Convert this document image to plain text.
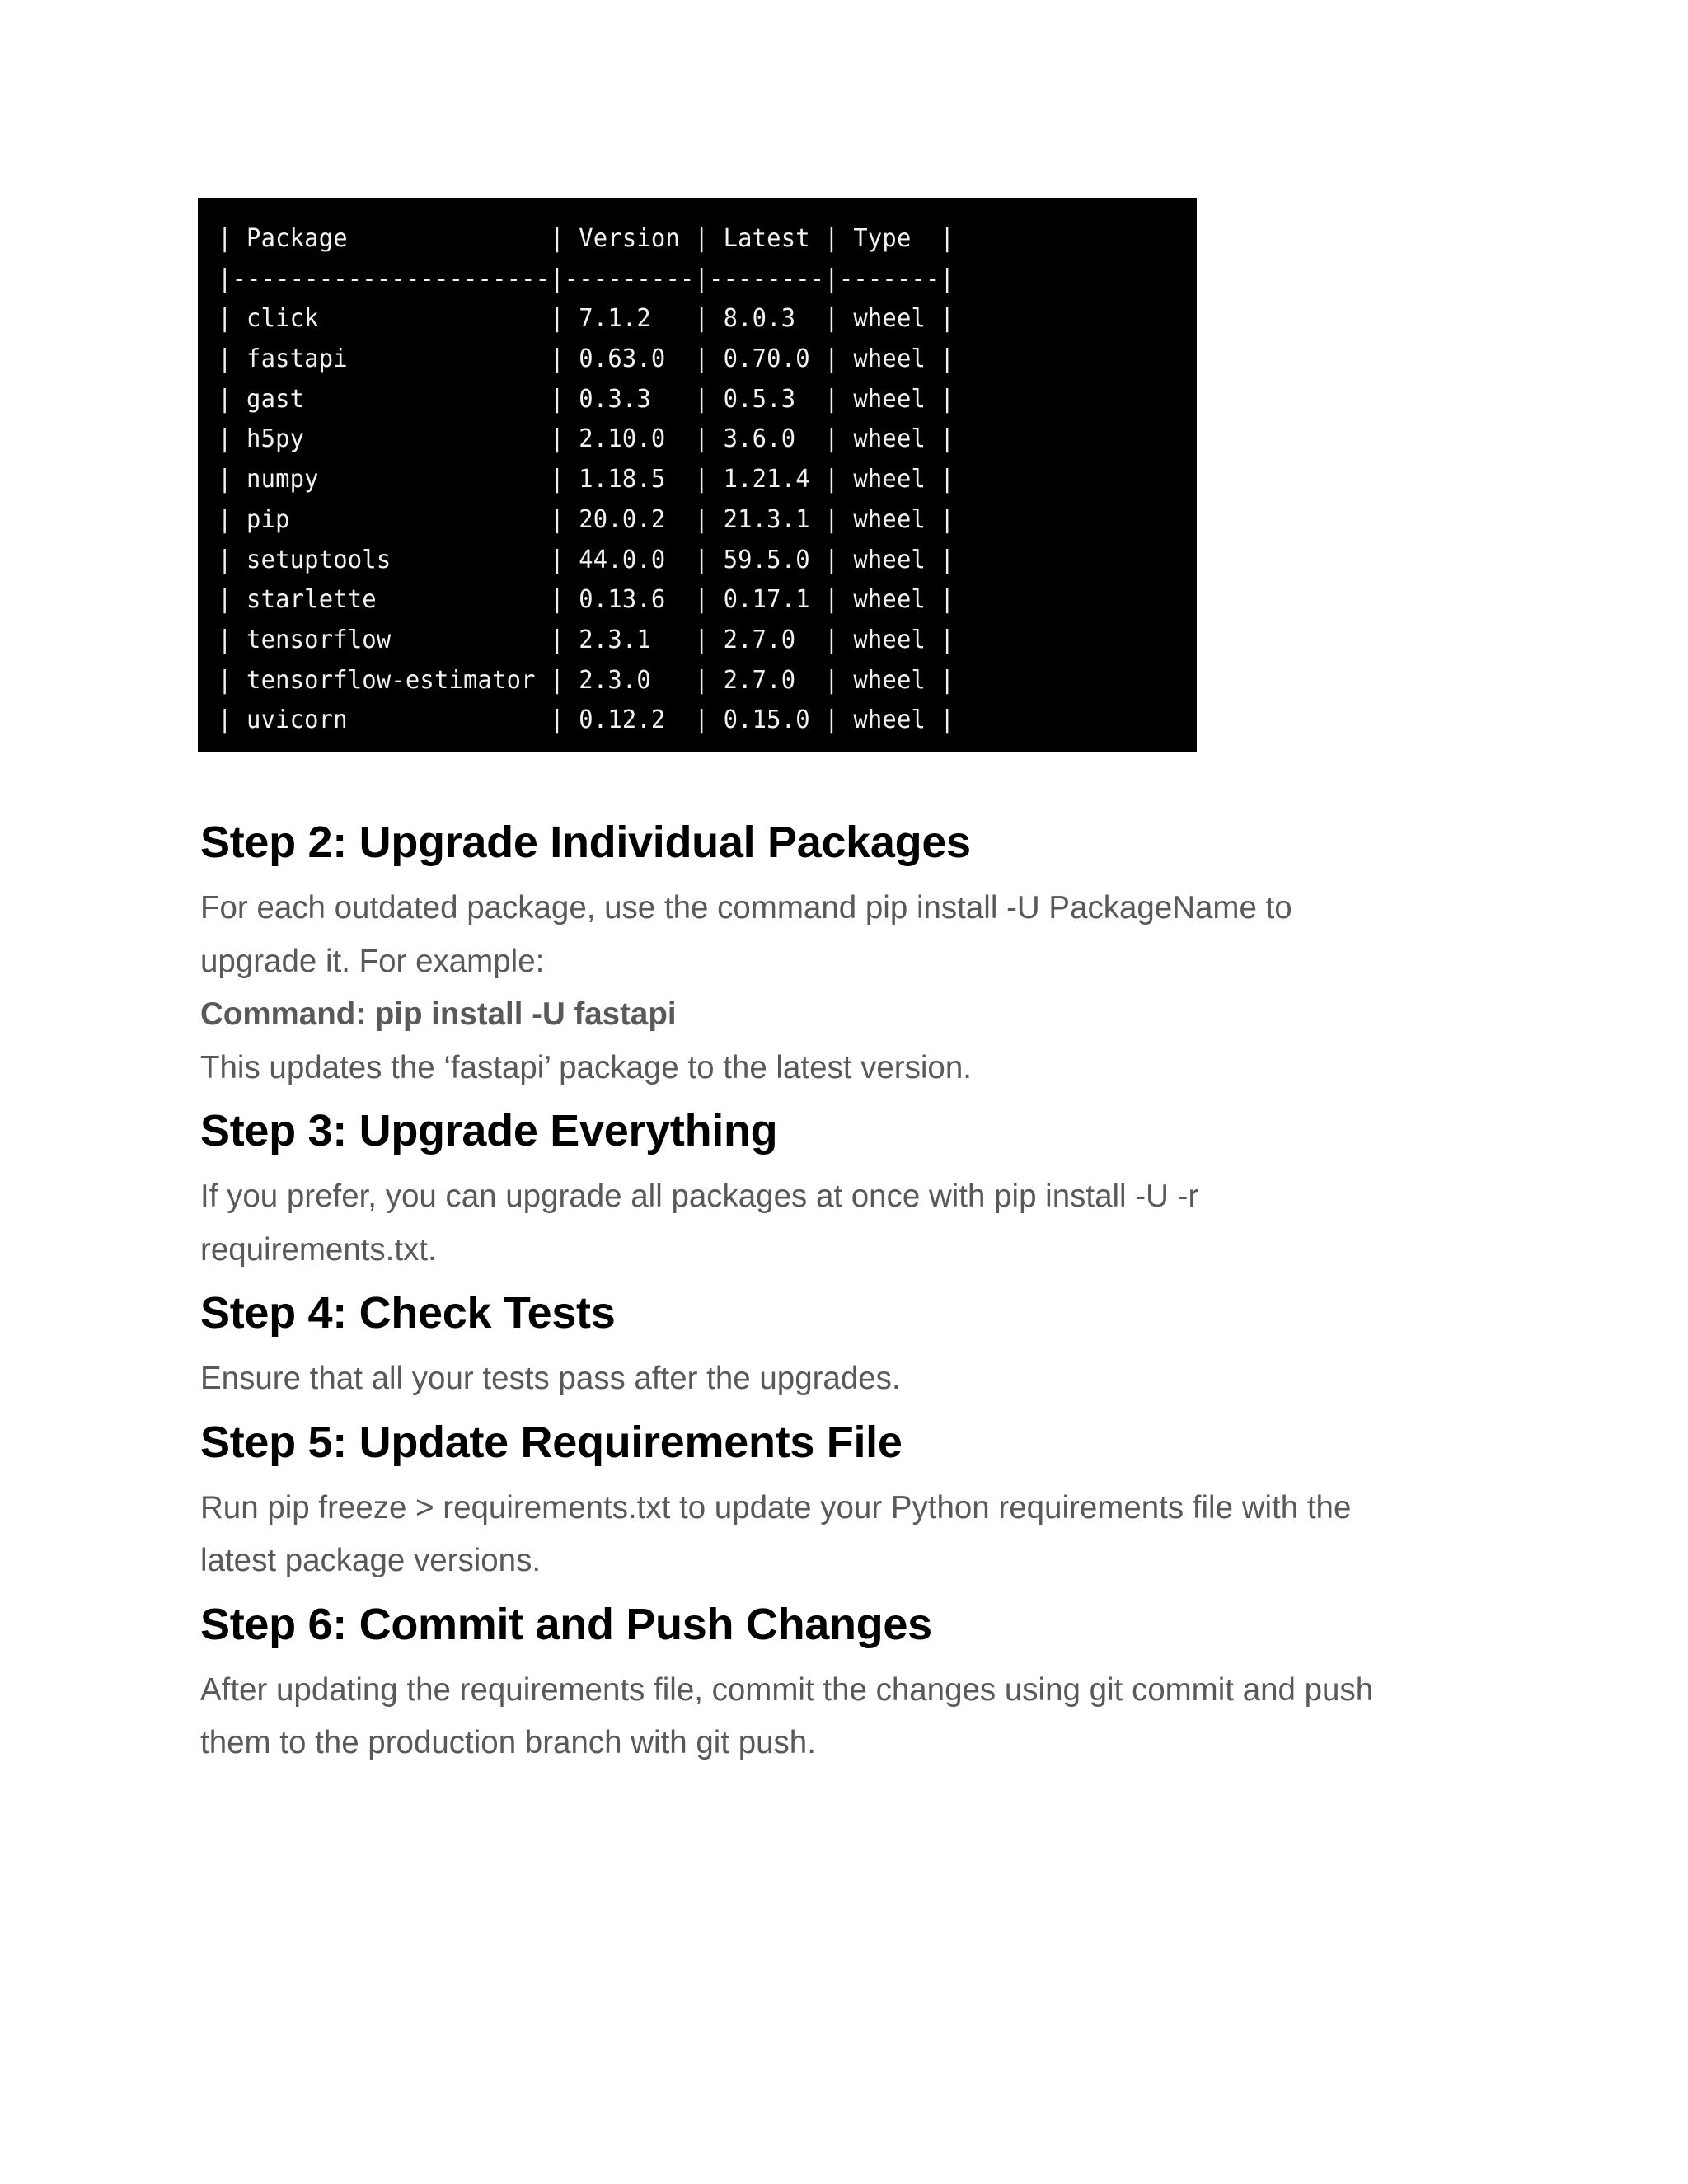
| Package              | Version | Latest | Type  |
|----------------------|---------|--------|-------|
| click                | 7.1.2   | 8.0.3  | wheel |
| fastapi              | 0.63.0  | 0.70.0 | wheel |
| gast                 | 0.3.3   | 0.5.3  | wheel |
| h5py                 | 2.10.0  | 3.6.0  | wheel |
| numpy                | 1.18.5  | 1.21.4 | wheel |
| pip                  | 20.0.2  | 21.3.1 | wheel |
| setuptools           | 44.0.0  | 59.5.0 | wheel |
| starlette            | 0.13.6  | 0.17.1 | wheel |
| tensorflow           | 2.3.1   | 2.7.0  | wheel |
| tensorflow-estimator | 2.3.0   | 2.7.0  | wheel |
| uvicorn              | 0.12.2  | 0.15.0 | wheel |
Step 2: Upgrade Individual Packages

For each outdated package, use the command pip install -U PackageName to

upgrade it. For example:

Command: pip install -U fastapi

This updates the ‘fastapi’ package to the latest version.

Step 3: Upgrade Everything

If you prefer, you can upgrade all packages at once with pip install -U -r

requirements.txt.

Step 4: Check Tests

Ensure that all your tests pass after the upgrades.

Step 5: Update Requirements File

Run pip freeze > requirements.txt to update your Python requirements file with the

latest package versions.

Step 6: Commit and Push Changes

After updating the requirements file, commit the changes using git commit and push

them to the production branch with git push.
